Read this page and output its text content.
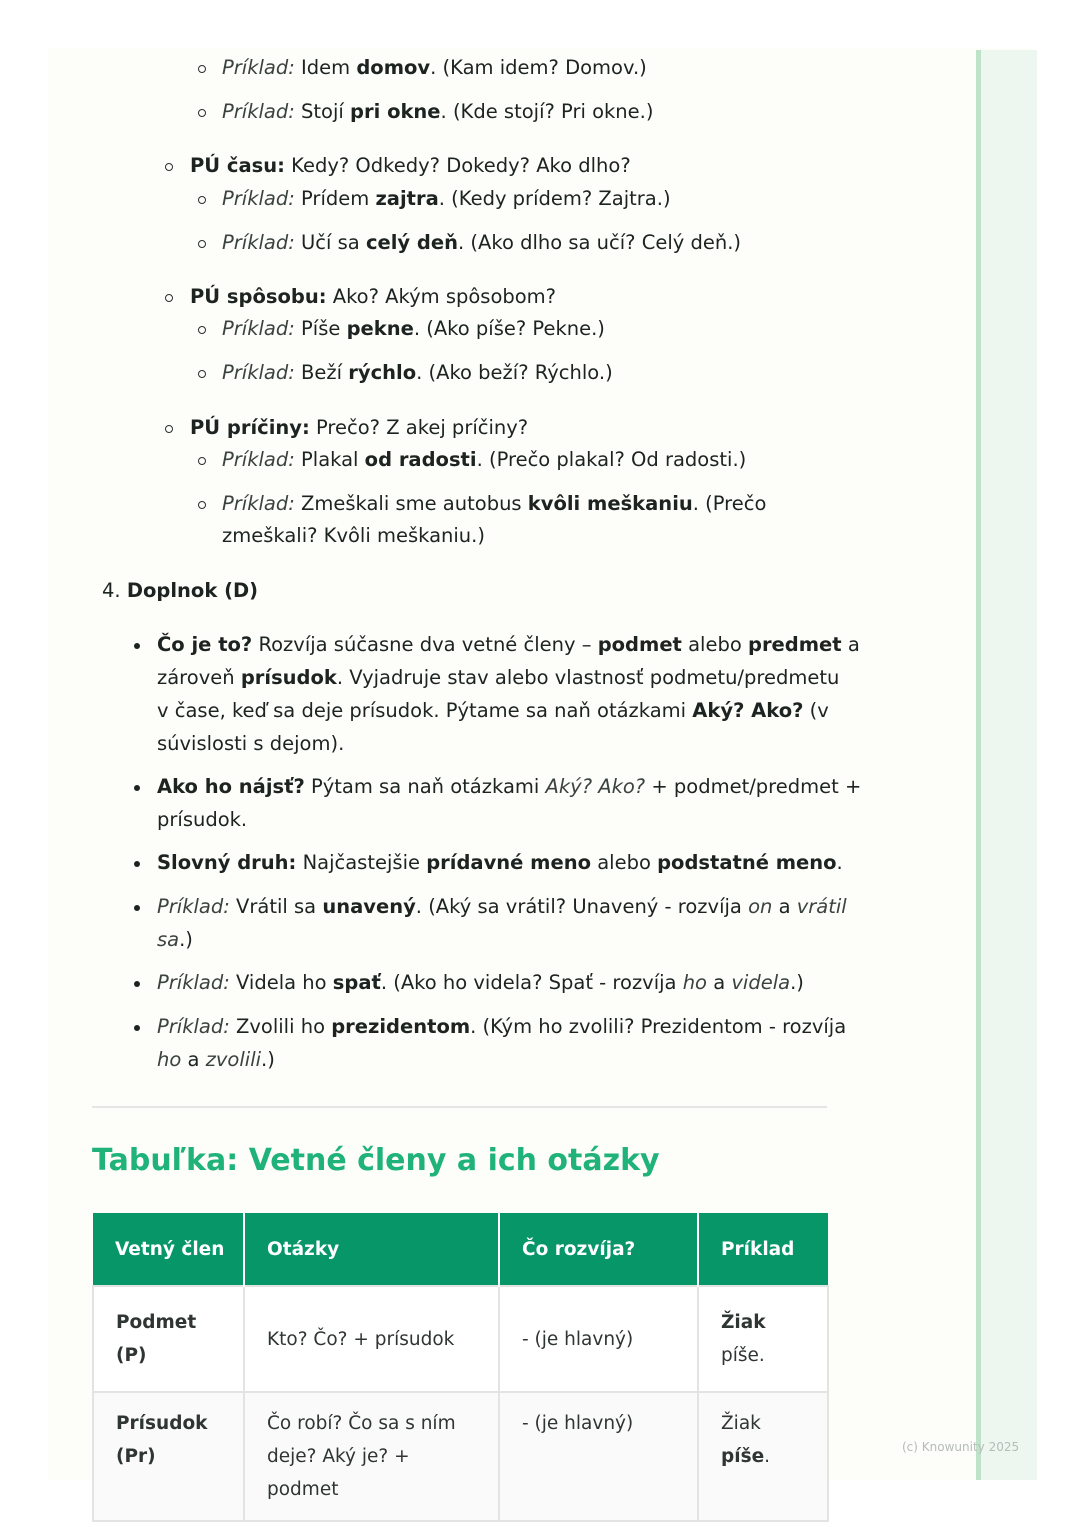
Príklad: Idem domov. (Kam idem? Domov.)
Príklad: Stojí pri okne. (Kde stojí? Pri okne.)
PÚ času: Kedy? Odkedy? Dokedy? Ako dlho?
Príklad: Prídem zajtra. (Kedy prídem? Zajtra.)
Príklad: Učí sa celý deň. (Ako dlho sa učí? Celý deň.)
PÚ spôsobu: Ako? Akým spôsobom?
Príklad: Píše pekne. (Ako píše? Pekne.)
Príklad: Beží rýchlo. (Ako beží? Rýchlo.)
PÚ príčiny: Prečo? Z akej príčiny?
Príklad: Plakal od radosti. (Prečo plakal? Od radosti.)
Príklad: Zmeškali sme autobus kvôli meškaniu. (Prečo
zmeškali? Kvôli meškaniu.)
4. Doplnok (D)
Čo je to? Rozvíja súčasne dva vetné členy – podmet alebo predmet a
zároveň prísudok. Vyjadruje stav alebo vlastnosť podmetu/predmetu
v čase, keď sa deje prísudok. Pýtame sa naň otázkami Aký? Ako? (v
súvislosti s dejom).
Ako ho nájsť? Pýtam sa naň otázkami Aký? Ako? + podmet/predmet +
prísudok.
Slovný druh: Najčastejšie prídavné meno alebo podstatné meno.
Príklad: Vrátil sa unavený. (Aký sa vrátil? Unavený - rozvíja on a vrátil
sa.)
Príklad: Videla ho spať. (Ako ho videla? Spať - rozvíja ho a videla.)
Príklad: Zvolili ho prezidentom. (Kým ho zvolili? Prezidentom - rozvíja
ho a zvolili.)
Tabuľka: Vetné členy a ich otázky
Vetný člen	Otázky	Čo rozvíja?	Príklad
Podmet (P)	Kto? Čo? + prísudok	- (je hlavný)	Žiak
píše.
Prísudok (Pr)	Čo robí? Čo sa s ním deje? Aký je? + podmet	- (je hlavný)	Žiak píše.	(c) Knowunity 2025
